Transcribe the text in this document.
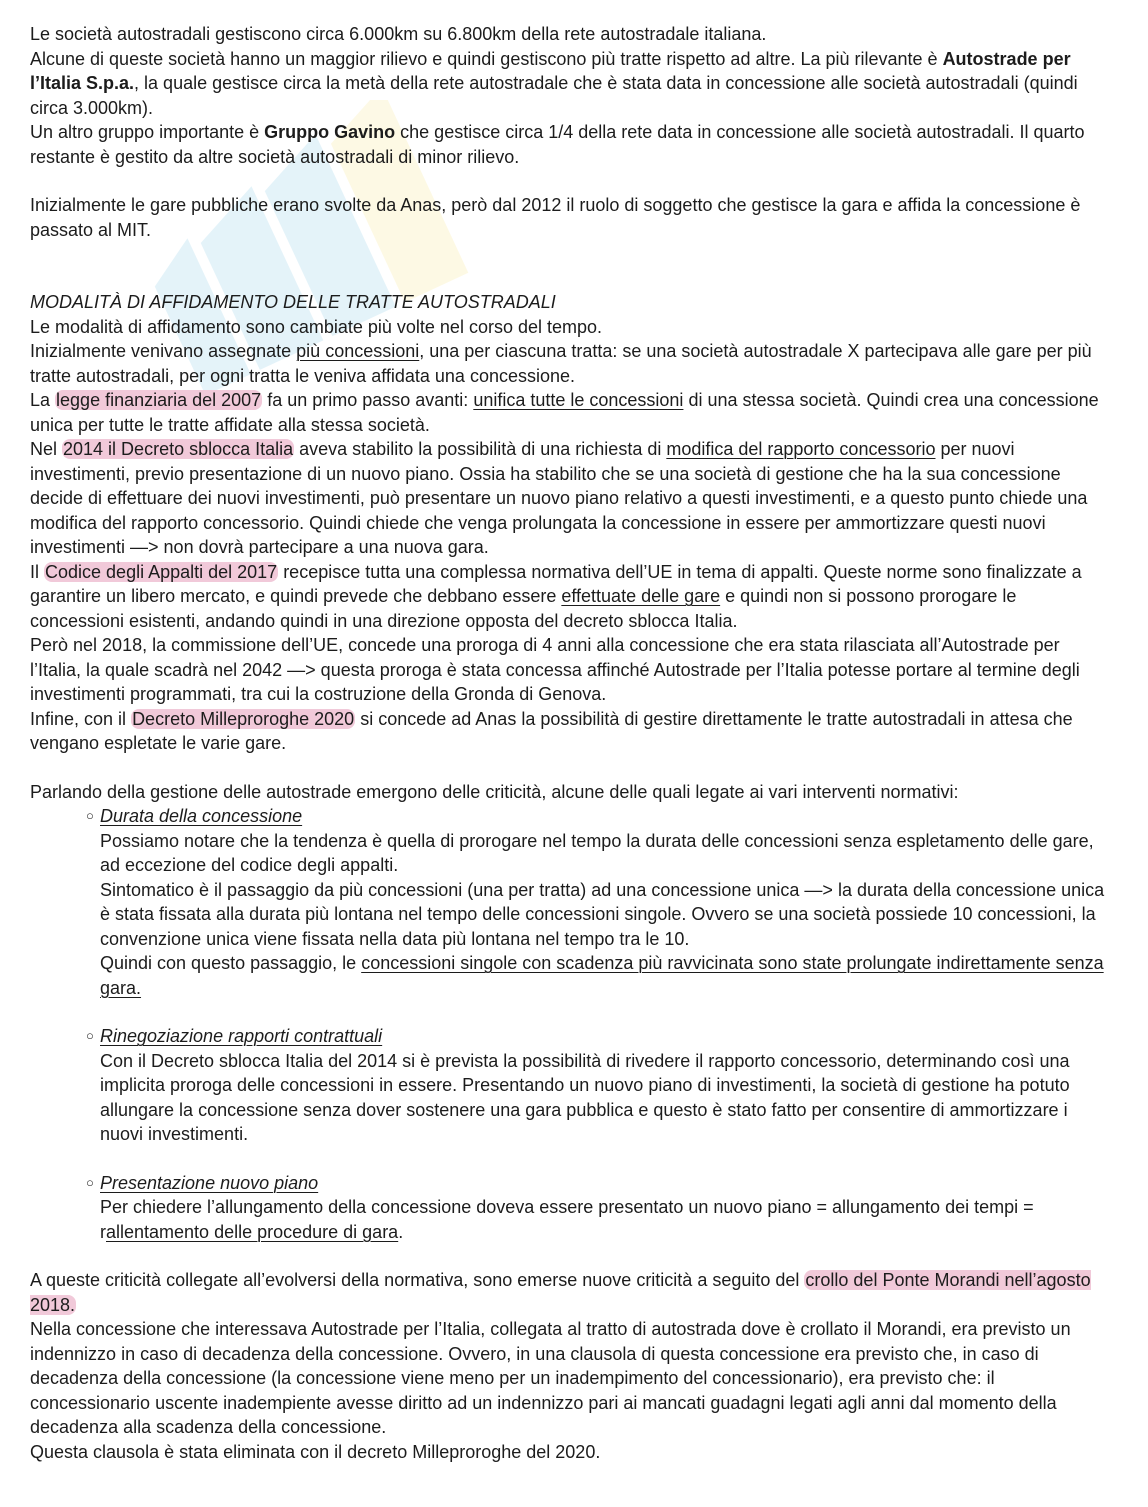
Le società autostradali gestiscono circa 6.000km su 6.800km della rete autostradale italiana.

Alcune di queste società hanno un maggior rilievo e quindi gestiscono più tratte rispetto ad altre. La più rilevante è Autostrade per l’Italia S.p.a., la quale gestisce circa la metà della rete autostradale che è stata data in concessione alle società autostradali (quindi circa 3.000km).

Un altro gruppo importante è Gruppo Gavino che gestisce circa 1/4 della rete data in concessione alle società autostradali. Il quarto restante è gestito da altre società autostradali di minor rilievo.

Inizialmente le gare pubbliche erano svolte da Anas, però dal 2012 il ruolo di soggetto che gestisce la gara e affida la concessione è passato al MIT.

MODALITÀ DI AFFIDAMENTO DELLE TRATTE AUTOSTRADALI

Le modalità di affidamento sono cambiate più volte nel corso del tempo.

Inizialmente venivano assegnate più concessioni, una per ciascuna tratta: se una società autostradale X partecipava alle gare per più tratte autostradali, per ogni tratta le veniva affidata una concessione.

La legge finanziaria del 2007 fa un primo passo avanti: unifica tutte le concessioni di una stessa società. Quindi crea una concessione unica per tutte le tratte affidate alla stessa società.

Nel 2014 il Decreto sblocca Italia aveva stabilito la possibilità di una richiesta di modifica del rapporto concessorio per nuovi investimenti, previo presentazione di un nuovo piano. Ossia ha stabilito che se una società di gestione che ha la sua concessione decide di effettuare dei nuovi investimenti, può presentare un nuovo piano relativo a questi investimenti, e a questo punto chiede una modifica del rapporto concessorio. Quindi chiede che venga prolungata la concessione in essere per ammortizzare questi nuovi investimenti —> non dovrà partecipare a una nuova gara.

Il Codice degli Appalti del 2017 recepisce tutta una complessa normativa dell’UE in tema di appalti. Queste norme sono finalizzate a garantire un libero mercato, e quindi prevede che debbano essere effettuate delle gare e quindi non si possono prorogare le concessioni esistenti, andando quindi in una direzione opposta del decreto sblocca Italia.

Però nel 2018, la commissione dell’UE, concede una proroga di 4 anni alla concessione che era stata rilasciata all’Autostrade per l’Italia, la quale scadrà nel 2042 —> questa proroga è stata concessa affinché Autostrade per l’Italia potesse portare al termine degli investimenti programmati, tra cui la costruzione della Gronda di Genova.

Infine, con il Decreto Milleproroghe 2020 si concede ad Anas la possibilità di gestire direttamente le tratte autostradali in attesa che vengano espletate le varie gare.

Parlando della gestione delle autostrade emergono delle criticità, alcune delle quali legate ai vari interventi normativi:

○ Durata della concessione

Possiamo notare che la tendenza è quella di prorogare nel tempo la durata delle concessioni senza espletamento delle gare, ad eccezione del codice degli appalti.

Sintomatico è il passaggio da più concessioni (una per tratta) ad una concessione unica —> la durata della concessione unica è stata fissata alla durata più lontana nel tempo delle concessioni singole. Ovvero se una società possiede 10 concessioni, la convenzione unica viene fissata nella data più lontana nel tempo tra le 10.

Quindi con questo passaggio, le concessioni singole con scadenza più ravvicinata sono state prolungate indirettamente senza gara.

○ Rinegoziazione rapporti contrattuali

Con il Decreto sblocca Italia del 2014 si è prevista la possibilità di rivedere il rapporto concessorio, determinando così una implicita proroga delle concessioni in essere. Presentando un nuovo piano di investimenti, la società di gestione ha potuto allungare la concessione senza dover sostenere una gara pubblica e questo è stato fatto per consentire di ammortizzare i nuovi investimenti.

○ Presentazione nuovo piano

Per chiedere l’allungamento della concessione doveva essere presentato un nuovo piano = allungamento dei tempi = rallentamento delle procedure di gara.

A queste criticità collegate all’evolversi della normativa, sono emerse nuove criticità a seguito del crollo del Ponte Morandi nell’agosto 2018.

Nella concessione che interessava Autostrade per l’Italia, collegata al tratto di autostrada dove è crollato il Morandi, era previsto un indennizzo in caso di decadenza della concessione. Ovvero, in una clausola di questa concessione era previsto che, in caso di decadenza della concessione (la concessione viene meno per un inadempimento del concessionario), era previsto che: il concessionario uscente inadempiente avesse diritto ad un indennizzo pari ai mancati guadagni legati agli anni dal momento della decadenza alla scadenza della concessione.

Questa clausola è stata eliminata con il decreto Milleproroghe del 2020.
